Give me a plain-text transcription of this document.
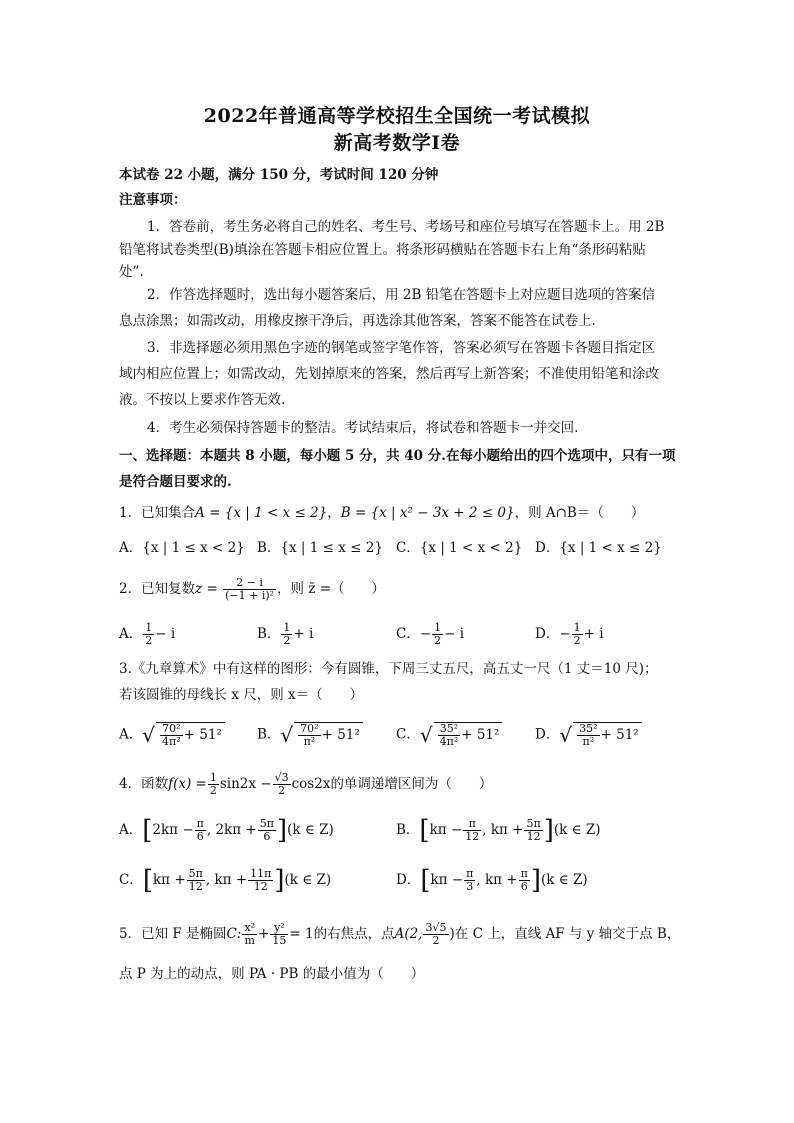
2022年普通高等学校招生全国统一考试模拟
新高考数学Ⅰ卷
本试卷 22 小题，满分 150 分，考试时间 120 分钟
注意事项：
1．答卷前，考生务必将自己的姓名、考生号、考场号和座位号填写在答题卡上。用 2B
铅笔将试卷类型(B)填涂在答题卡相应位置上。将条形码横贴在答题卡右上角“条形码粘贴
处”.
2．作答选择题时，选出每小题答案后，用 2B 铅笔在答题卡上对应题目选项的答案信
息点涂黑；如需改动，用橡皮擦干净后，再选涂其他答案，答案不能答在试卷上.
3．非选择题必须用黑色字迹的钢笔或签字笔作答，答案必须写在答题卡各题目指定区
域内相应位置上；如需改动，先划掉原来的答案，然后再写上新答案；不准使用铅笔和涂改
液。不按以上要求作答无效.
4．考生必须保持答题卡的整洁。考试结束后，将试卷和答题卡一并交回.
一、选择题：本题共 8 小题，每小题 5 分，共 40 分.在每小题给出的四个选项中，只有一项
是符合题目要求的.
1．已知集合A = {x | 1 < x ≤ 2}，B = {x | x² − 3x + 2 ≤ 0}，则 A∩B＝（　　）
A．{x | 1 ≤ x < 2} B．{x | 1 ≤ x ≤ 2} C．{x | 1 < x < 2} D．{x | 1 < x ≤ 2}
2．已知复数$z = \frac{2 - i}{\text{(−1 + i)²}}$ ，则 z̄ =（　　）
A． $\frac{1}{2} - i$	B． $\frac{1}{2} + i$	C．− $\frac{1}{2} - i$	D．− $\frac{1}{2} + i$
3.《九章算术》中有这样的图形：今有圆锥，下周三丈五尺，高五丈一尺（1 丈＝10 尺)；
若该圆锥的母线长 x 尺，则 x＝（　　）
A．√ $\frac{\text{70²}}{\text{4π²}} + 51^2$	B．√ $\frac{\text{70²}}{\text{π²}} + 51^2$	C．√ $\frac{\text{35²}}{\text{4π²}} + 51^2$	D．√ $\frac{\text{35²}}{\text{π²}} + 51^2$
4．函数$f(x) = \frac{1}{2} \sin 2x - \frac{√3}{2} \cos 2x$的单调递增区间为（　　）
A．[$2k\pi - \frac{\pi}{6}$ , $2k\pi + \frac{5\pi}{6} ](k$ ∈ Z)	B．[$k\pi - \frac{\pi}{12}$ , $k\pi + \frac{5\pi}{12} ](k$ ∈ Z)
C．[$k\pi + \frac{5\pi}{12}$ , $k\pi + \frac{11\pi}{12} ](k$ ∈ Z)	D．[$k\pi - \frac{\pi}{3}$ , $k\pi + \frac{\pi}{6} ](k$ ∈ Z)
5．已知 F 是椭圆C: $\frac{\text{x²}}{m} + \frac{\text{y²}}{15} = 1$的右焦点，点A(2, $\frac{3√5}{2}$ )在 C 上，直线 AF 与 y 轴交于点 B，
点 P 为上的动点，则 PA · PB 的最小值为（　　）
